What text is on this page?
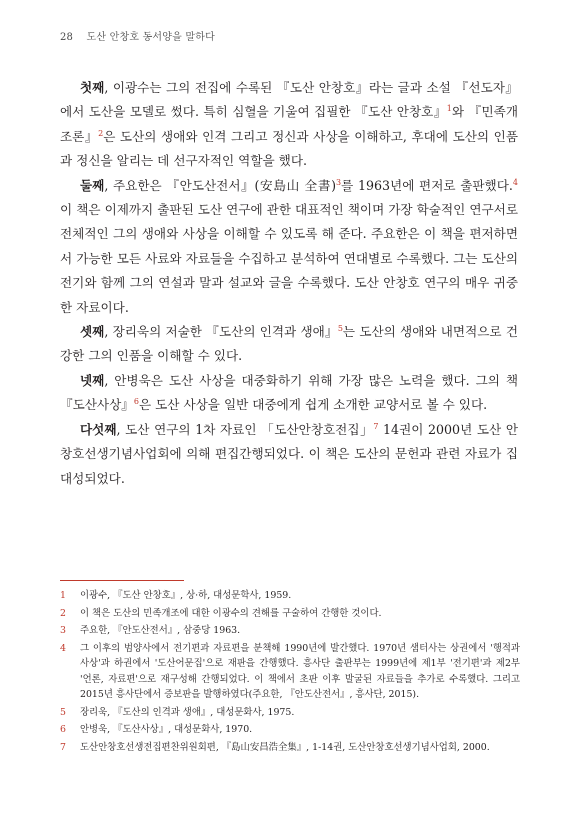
28 도산 안창호 동서양을 말하다

첫째, 이광수는 그의 전집에 수록된 『도산 안창호』라는 글과 소설 『선도자』에서 도산을 모델로 썼다. 특히 심혈을 기울여 집필한 『도산 안창호』$^1$와 『민족개조론』$^2$은 도산의 생애와 인격 그리고 정신과 사상을 이해하고, 후대에 도산의 인품과 정신을 알리는 데 선구자적인 역할을 했다.

둘째, 주요한은 『안도산전서』(安島山 全書)$^3$를 1963년에 편저로 출판했다.$^4$ 이 책은 이제까지 출판된 도산 연구에 관한 대표적인 책이며 가장 학술적인 연구서로 전체적인 그의 생애와 사상을 이해할 수 있도록 해 준다. 주요한은 이 책을 편저하면서 가능한 모든 사료와 자료들을 수집하고 분석하여 연대별로 수록했다. 그는 도산의 전기와 함께 그의 연설과 말과 설교와 글을 수록했다. 도산 안창호 연구의 매우 귀중한 자료이다.

셋째, 장리욱의 저술한 『도산의 인격과 생애』$^5$는 도산의 생애와 내면적으로 건강한 그의 인품을 이해할 수 있다.

넷째, 안병욱은 도산 사상을 대중화하기 위해 가장 많은 노력을 했다. 그의 책 『도산사상』$^6$은 도산 사상을 일반 대중에게 쉽게 소개한 교양서로 볼 수 있다.

다섯째, 도산 연구의 1차 자료인 「도산안창호전집」$^7$ 14권이 2000년 도산 안창호선생기념사업회에 의해 편집간행되었다. 이 책은 도산의 문헌과 관련 자료가 집대성되었다.

1	이광수, 『도산 안창호』, 상·하, 대성문학사, 1959.
2	이 책은 도산의 민족개조에 대한 이광수의 견해를 구술하여 간행한 것이다.
3	주요한, 『안도산전서』, 삼중당 1963.
4	그 이후의 범양사에서 전기편과 자료편을 분책해 1990년에 발간했다. 1970년 샘터사는 상권에서 '행적과 사상'과 하권에서 '도산어문집'으로 재판을 간행했다. 흥사단 출판부는 1999년에 제1부 '전기편'과 제2부 '언론, 자료편'으로 재구성해 간행되었다. 이 책에서 초판 이후 발굴된 자료들을 추가로 수록했다. 그리고 2015년 흥사단에서 증보판을 발행하였다(주요한, 『안도산전서』, 흥사단, 2015).
5	장리욱, 『도산의 인격과 생애』, 대성문화사, 1975.
6	안병욱, 『도산사상』, 대성문화사, 1970.
7	도산안창호선생전집편찬위원회편, 『島山安昌浩全集』, 1-14권, 도산안창호선생기념사업회, 2000.
